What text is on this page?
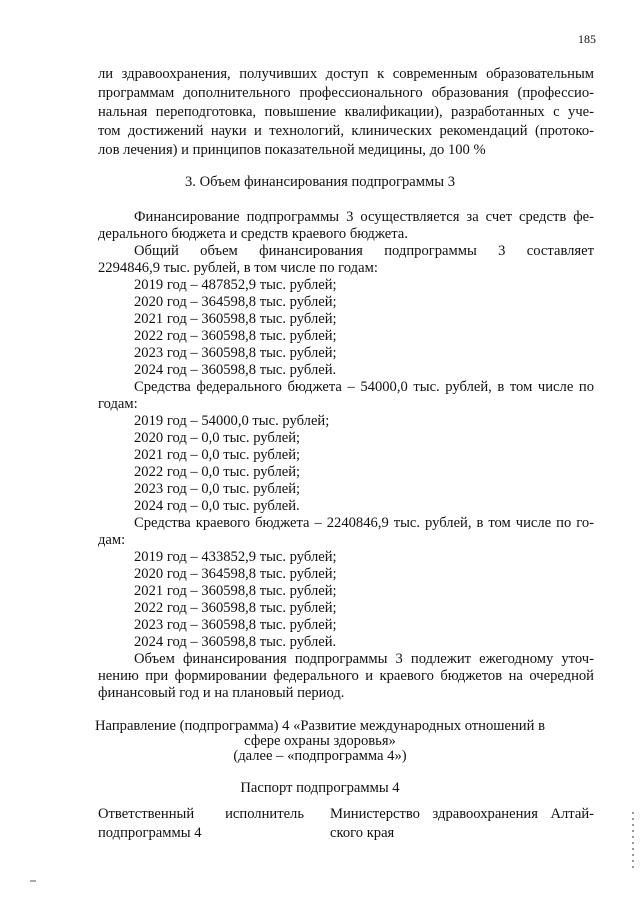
185
ли здравоохранения, получивших доступ к современным образовательным
программам дополнительного профессионального образования (профессио-
нальная переподготовка, повышение квалификации), разработанных с уче-
том достижений науки и технологий, клинических рекомендаций (протоко-
лов лечения) и принципов показательной медицины, до 100 %
3. Объем финансирования подпрограммы 3
Финансирование подпрограммы 3 осуществляется за счет средств фе-
дерального бюджета и средств краевого бюджета.
Общий объем финансирования подпрограммы 3 составляет
2294846,9 тыс. рублей, в том числе по годам:
2019 год – 487852,9 тыс. рублей;
2020 год – 364598,8 тыс. рублей;
2021 год – 360598,8 тыс. рублей;
2022 год – 360598,8 тыс. рублей;
2023 год – 360598,8 тыс. рублей;
2024 год – 360598,8 тыс. рублей.
Средства федерального бюджета – 54000,0 тыс. рублей, в том числе по
годам:
2019 год – 54000,0 тыс. рублей;
2020 год – 0,0 тыс. рублей;
2021 год – 0,0 тыс. рублей;
2022 год – 0,0 тыс. рублей;
2023 год – 0,0 тыс. рублей;
2024 год – 0,0 тыс. рублей.
Средства краевого бюджета – 2240846,9 тыс. рублей, в том числе по го-
дам:
2019 год – 433852,9 тыс. рублей;
2020 год – 364598,8 тыс. рублей;
2021 год – 360598,8 тыс. рублей;
2022 год – 360598,8 тыс. рублей;
2023 год – 360598,8 тыс. рублей;
2024 год – 360598,8 тыс. рублей.
Объем финансирования подпрограммы 3 подлежит ежегодному уточ-
нению при формировании федерального и краевого бюджетов на очередной
финансовый год и на плановый период.
Направление (подпрограмма) 4 «Развитие международных отношений в
сфере охраны здоровья»
(далее – «подпрограмма 4»)
Паспорт подпрограммы 4
Ответственный исполнитель
подпрограммы 4
Министерство здравоохранения Алтай-
ского края
